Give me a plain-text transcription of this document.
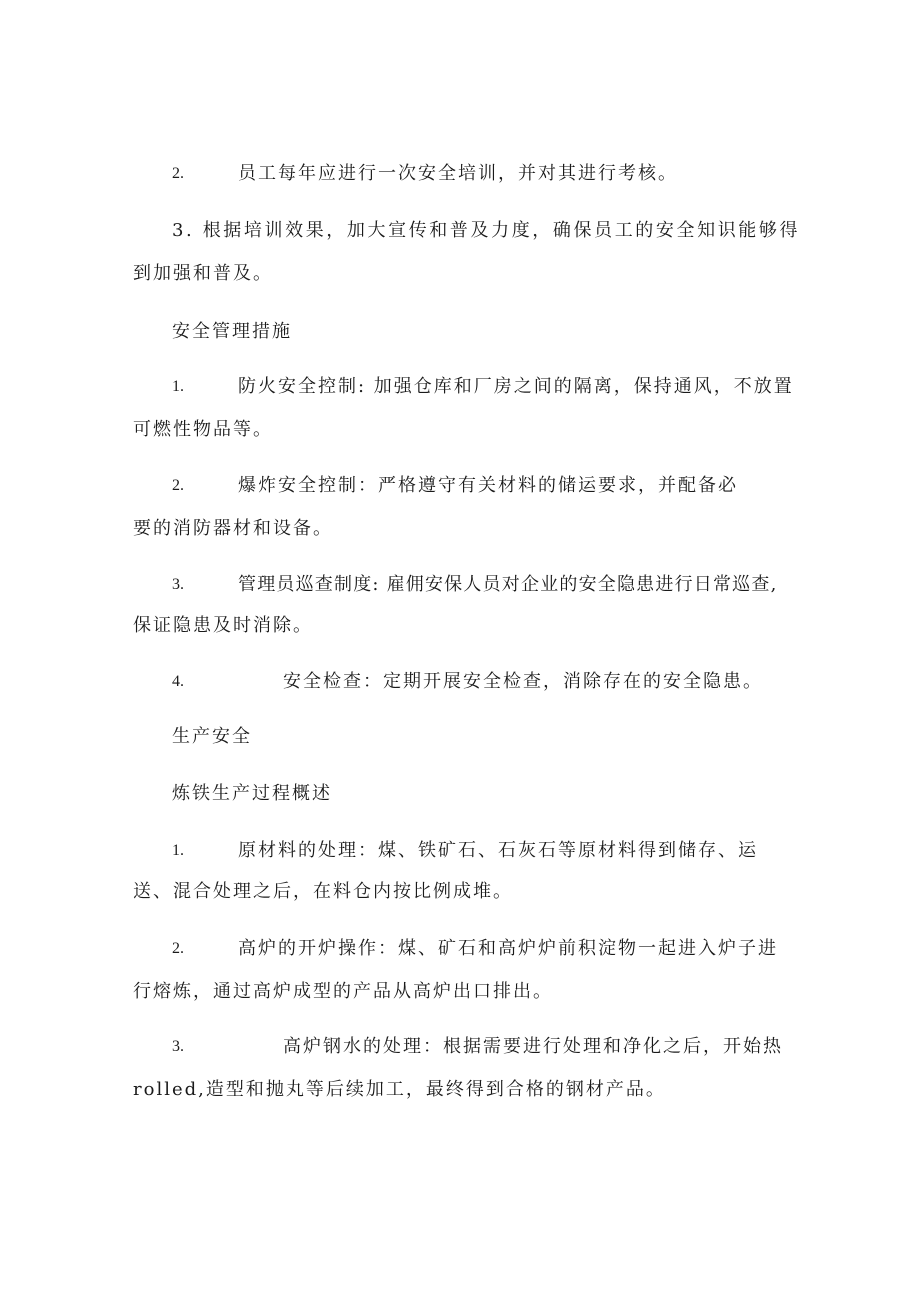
2.	员工每年应进行一次安全培训，并对其进行考核。
3. 根据培训效果，加大宣传和普及力度，确保员工的安全知识能够得
到加强和普及。
安全管理措施
1.	防火安全控制: 加强仓库和厂房之间的隔离，保持通风，不放置
可燃性物品等。
2.	爆炸安全控制：严格遵守有关材料的储运要求，并配备必
要的消防器材和设备。
3.	管理员巡查制度: 雇佣安保人员对企业的安全隐患进行日常巡查,
保证隐患及时消除。
4.	安全检查：定期开展安全检查，消除存在的安全隐患。
生产安全
炼铁生产过程概述
1.	原材料的处理：煤、铁矿石、石灰石等原材料得到储存、运
送、混合处理之后，在料仓内按比例成堆。
2.	高炉的开炉操作：煤、矿石和高炉炉前积淀物一起进入炉子进
行熔炼，通过高炉成型的产品从高炉出口排出。
3.	高炉钢水的处理：根据需要进行处理和净化之后，开始热
rolled,造型和抛丸等后续加工，最终得到合格的钢材产品。
